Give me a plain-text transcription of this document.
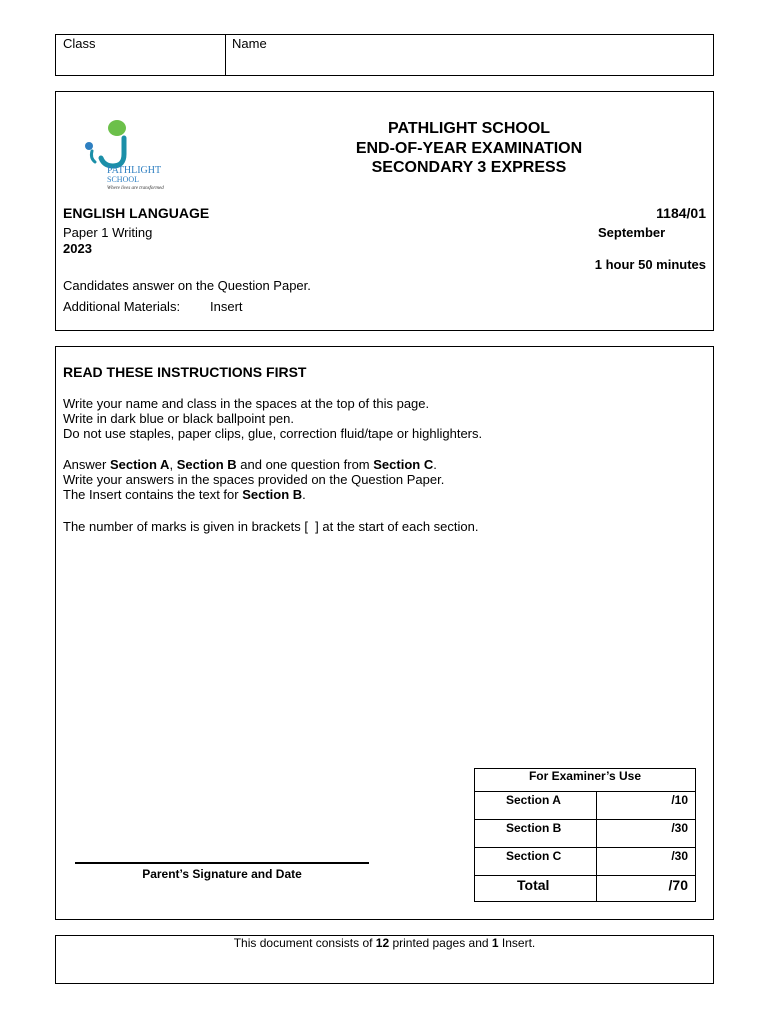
Class	Name
PATHLIGHT
SCHOOL
Where lives are transformed
PATHLIGHT SCHOOL
END-OF-YEAR EXAMINATION
SECONDARY 3 EXPRESS
ENGLISH LANGUAGE	1184/01
Paper 1 Writing	September
2023
1 hour 50 minutes
Candidates answer on the Question Paper.
Additional Materials: Insert
READ THESE INSTRUCTIONS FIRST
Write your name and class in the spaces at the top of this page.
Write in dark blue or black ballpoint pen.
Do not use staples, paper clips, glue, correction fluid/tape or highlighters.
Answer Section A, Section B and one question from Section C.
Write your answers in the spaces provided on the Question Paper.
The Insert contains the text for Section B.
The number of marks is given in brackets [  ] at the start of each section.
Parent’s Signature and Date
For Examiner’s Use	
Section A	/10
Section B	/30
Section C	/30
Total	/70
This document consists of 12 printed pages and 1 Insert.
